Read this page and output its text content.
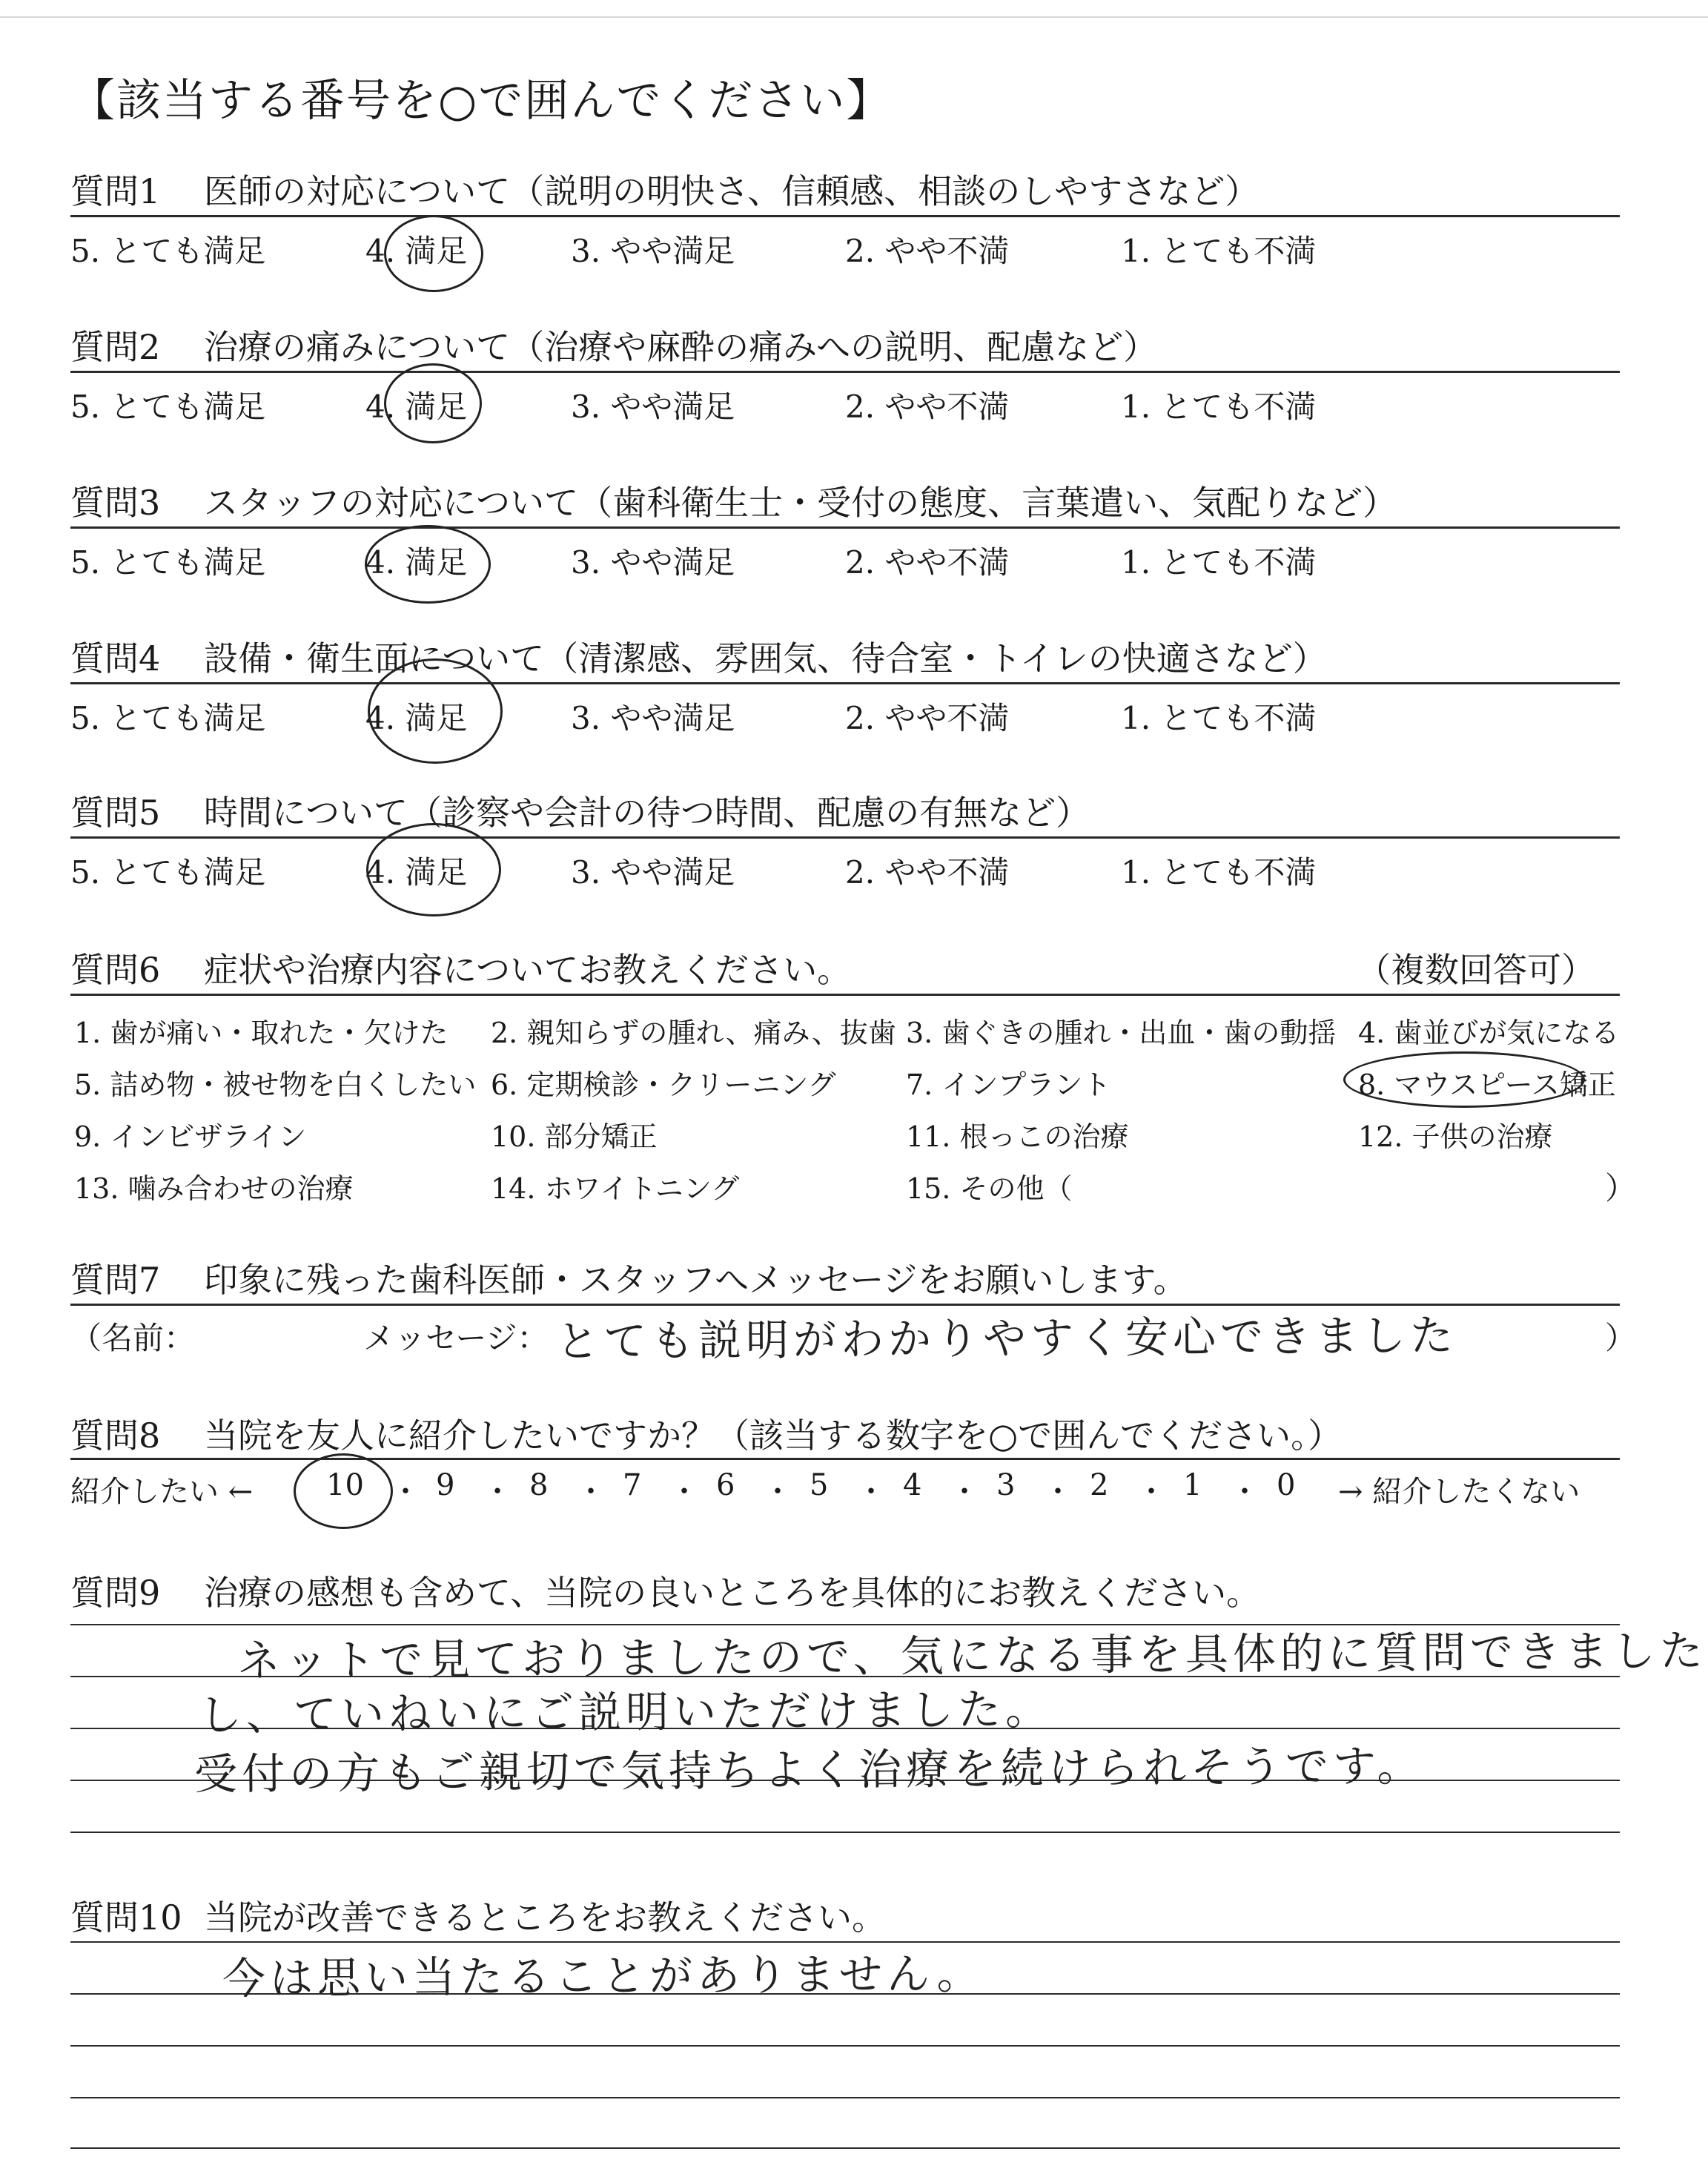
【該当する番号を○で囲んでください】
質問1 医師の対応について（説明の明快さ、信頼感、相談のしやすさなど）
5. とても満足	4. 満足	3. やや満足	2. やや不満	1. とても不満
質問2 治療の痛みについて（治療や麻酔の痛みへの説明、配慮など）
5. とても満足	4. 満足	3. やや満足	2. やや不満	1. とても不満
質問3 スタッフの対応について（歯科衛生士・受付の態度、言葉遣い、気配りなど）
5. とても満足	4. 満足	3. やや満足	2. やや不満	1. とても不満
質問4 設備・衛生面について（清潔感、雰囲気、待合室・トイレの快適さなど）
5. とても満足	4. 満足	3. やや満足	2. やや不満	1. とても不満
質問5 時間について（診察や会計の待つ時間、配慮の有無など）
5. とても満足	4. 満足	3. やや満足	2. やや不満	1. とても不満
質問6 症状や治療内容についてお教えください。	（複数回答可）
1. 歯が痛い・取れた・欠けた 2. 親知らずの腫れ、痛み、抜歯 3. 歯ぐきの腫れ・出血・歯の動揺 4. 歯並びが気になる
5. 詰め物・被せ物を白くしたい 6. 定期検診・クリーニング 7. インプラント	8. マウスピース矯正
9. インビザライン	10. 部分矯正	11. 根っこの治療	12. 子供の治療
13. 噛み合わせの治療	14. ホワイトニング	15. その他（	）
質問7 印象に残った歯科医師・スタッフへメッセージをお願いします。
（名前：	メッセージ： とても説明がわかりやすく安心できました	）
質問8 当院を友人に紹介したいですか？（該当する数字を○で囲んでください。）
紹介したい ← 10 ・ 9 ・ 8 ・ 7 ・ 6 ・ 5 ・ 4 ・ 3 ・ 2 ・ 1 ・ 0 → 紹介したくない
質問9 治療の感想も含めて、当院の良いところを具体的にお教えください。
ネットで見ておりましたので、気になる事を具体的に質問できました
し、ていねいにご説明いただけました。
受付の方もご親切で気持ちよく治療を続けられそうです。
質問10 当院が改善できるところをお教えください。
今は思い当たることがありません。
